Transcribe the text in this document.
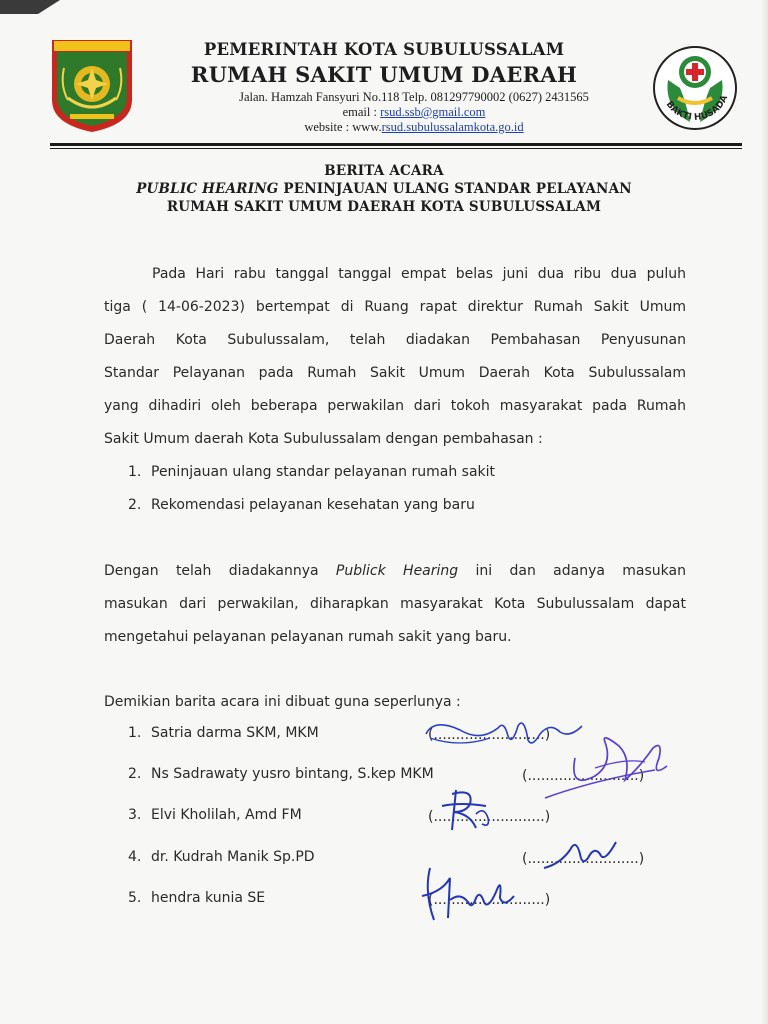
PEMERINTAH KOTA SUBULUSSALAM
RUMAH SAKIT UMUM DAERAH
Jalan. Hamzah Fansyuri No.118 Telp. 081297790002 (0627) 2431565
email : rsud.ssb@gmail.com
website : www.rsud.subulussalamkota.go.id
BAKTI HUSADA
BERITA ACARA
PUBLIC HEARING PENINJAUAN ULANG STANDAR PELAYANAN
RUMAH SAKIT UMUM DAERAH KOTA SUBULUSSALAM
Pada Hari rabu tanggal tanggal empat belas juni dua ribu dua puluh
tiga ( 14-06-2023) bertempat di Ruang rapat direktur Rumah Sakit Umum
Daerah Kota Subulussalam, telah diadakan Pembahasan Penyusunan
Standar Pelayanan pada Rumah Sakit Umum Daerah Kota Subulussalam
yang dihadiri oleh beberapa perwakilan dari tokoh masyarakat pada Rumah
Sakit Umum daerah Kota Subulussalam dengan pembahasan :
1. Peninjauan ulang standar pelayanan rumah sakit
2. Rekomendasi pelayanan kesehatan yang baru
Dengan telah diadakannya Publick Hearing ini dan adanya masukan
masukan dari perwakilan, diharapkan masyarakat Kota Subulussalam dapat
mengetahui pelayanan pelayanan rumah sakit yang baru.
Demikian barita acara ini dibuat guna seperlunya :
1. Satria darma SKM, MKM
2. Ns Sadrawaty yusro bintang, S.kep MKM
3. Elvi Kholilah, Amd FM
4. dr. Kudrah Manik Sp.PD
5. hendra kunia SE
(.........................)
(.........................)
(.........................)
(.........................)
(.........................)
